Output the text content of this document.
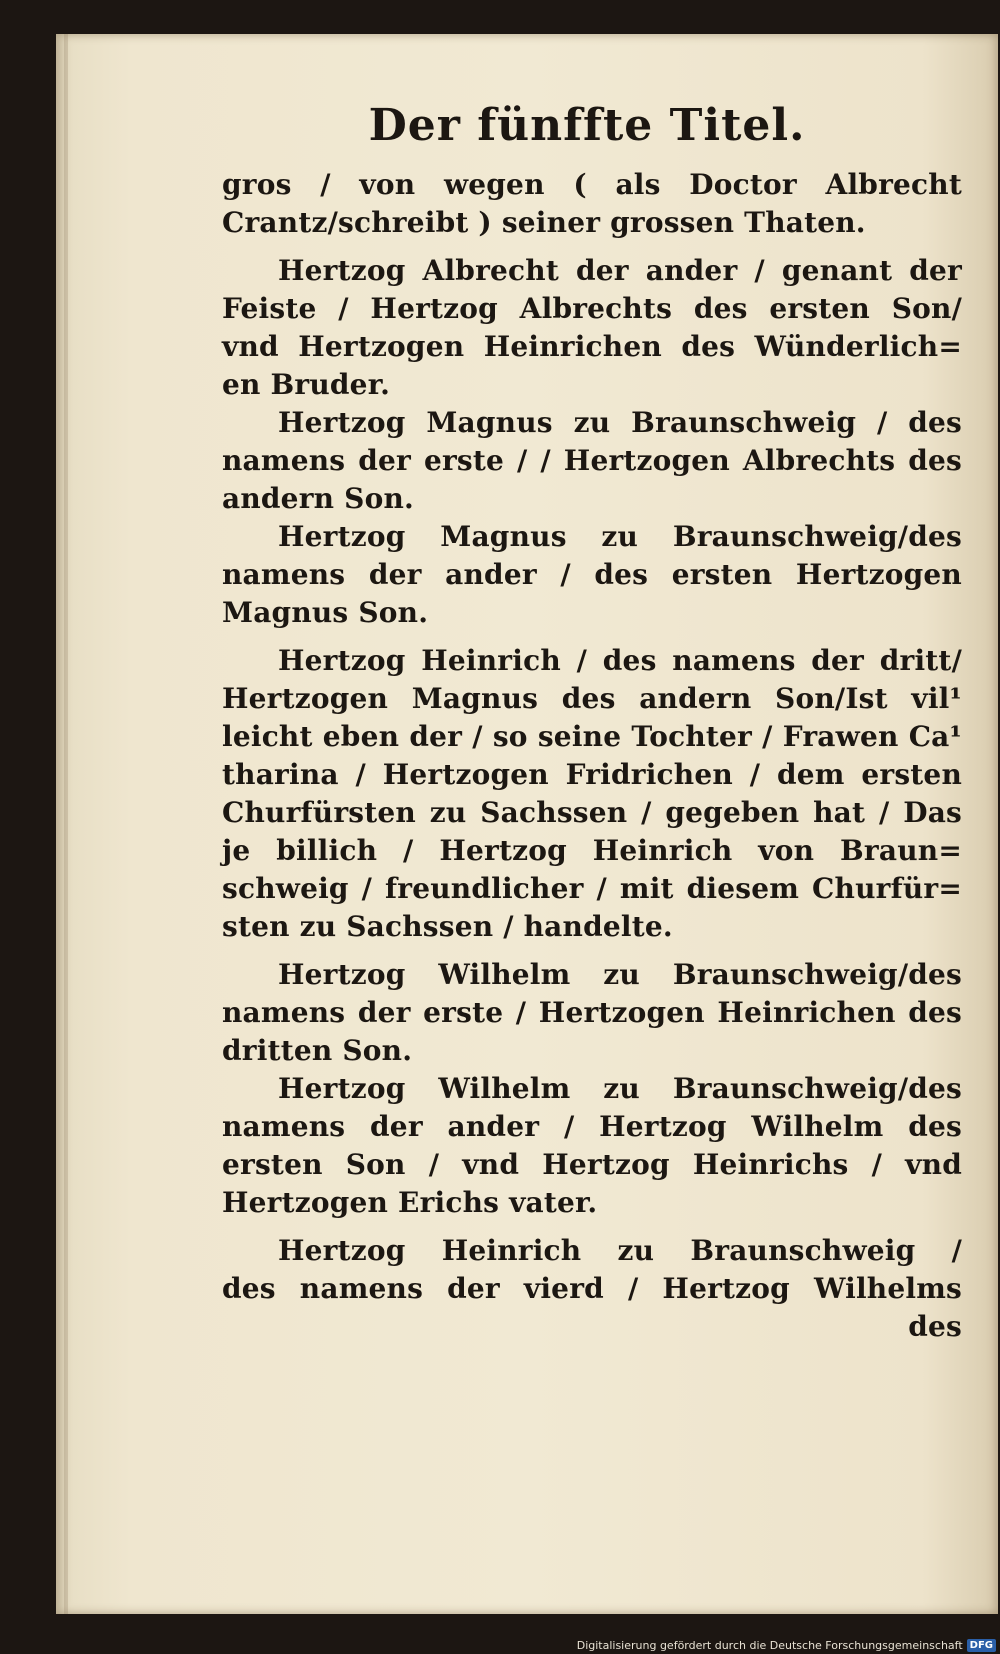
Der fünffte Titel.
gros / von wegen ( als Doctor Albrecht
Crantz/schreibt ) seiner grossen Thaten.
Hertzog Albrecht der ander / genant der
Feiste / Hertzog Albrechts des ersten Son/
vnd Hertzogen Heinrichen des Wünderlich=
en Bruder.
Hertzog Magnus zu Braunschweig / des
namens der erste / / Hertzogen Albrechts des
andern Son.
Hertzog Magnus zu Braunschweig/des
namens der ander / des ersten Hertzogen
Magnus Son.
Hertzog Heinrich / des namens der dritt/
Hertzogen Magnus des andern Son/Ist vil¹
leicht eben der / so seine Tochter / Frawen Ca¹
tharina / Hertzogen Fridrichen / dem ersten
Churfürsten zu Sachssen / gegeben hat / Das
je billich / Hertzog Heinrich von Braun=
schweig / freundlicher / mit diesem Churfür=
sten zu Sachssen / handelte.
Hertzog Wilhelm zu Braunschweig/des
namens der erste / Hertzogen Heinrichen des
dritten Son.
Hertzog Wilhelm zu Braunschweig/des
namens der ander / Hertzog Wilhelm des
ersten Son / vnd Hertzog Heinrichs / vnd
Hertzogen Erichs vater.
Hertzog Heinrich zu Braunschweig /
des namens der vierd / Hertzog Wilhelms
des
Digitalisierung gefördert durch die Deutsche Forschungsgemeinschaft DFG
